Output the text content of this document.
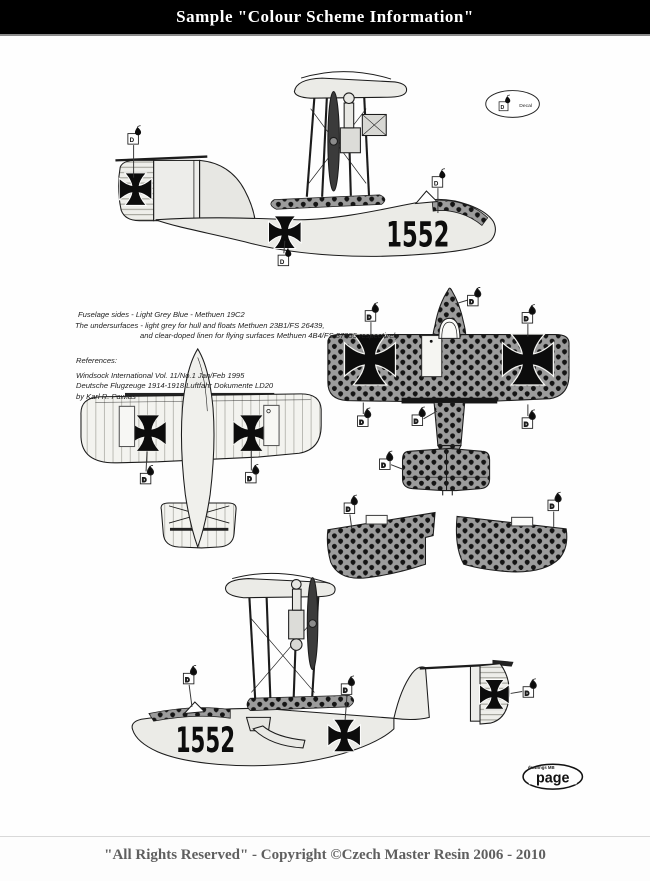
Sample "Colour Scheme Information"
1552
Decal
1552
drawings MB
page
Fuselage sides - Light Grey Blue - Methuen 19C2
The undersurfaces - light grey for hull and floats Methuen 23B1/FS 26439,
and clear-doped linen for flying surfaces Methuen 4B4/FS 37855 respectively
References:
Windsock International Vol. 11/No.1 Jan/Feb 1995
Deutsche Flugzeuge 1914-1918 Luftfahr Dokumente LD20
by Karl R. Pawlas

"All Rights Reserved" - Copyright ©Czech Master Resin 2006 - 2010
